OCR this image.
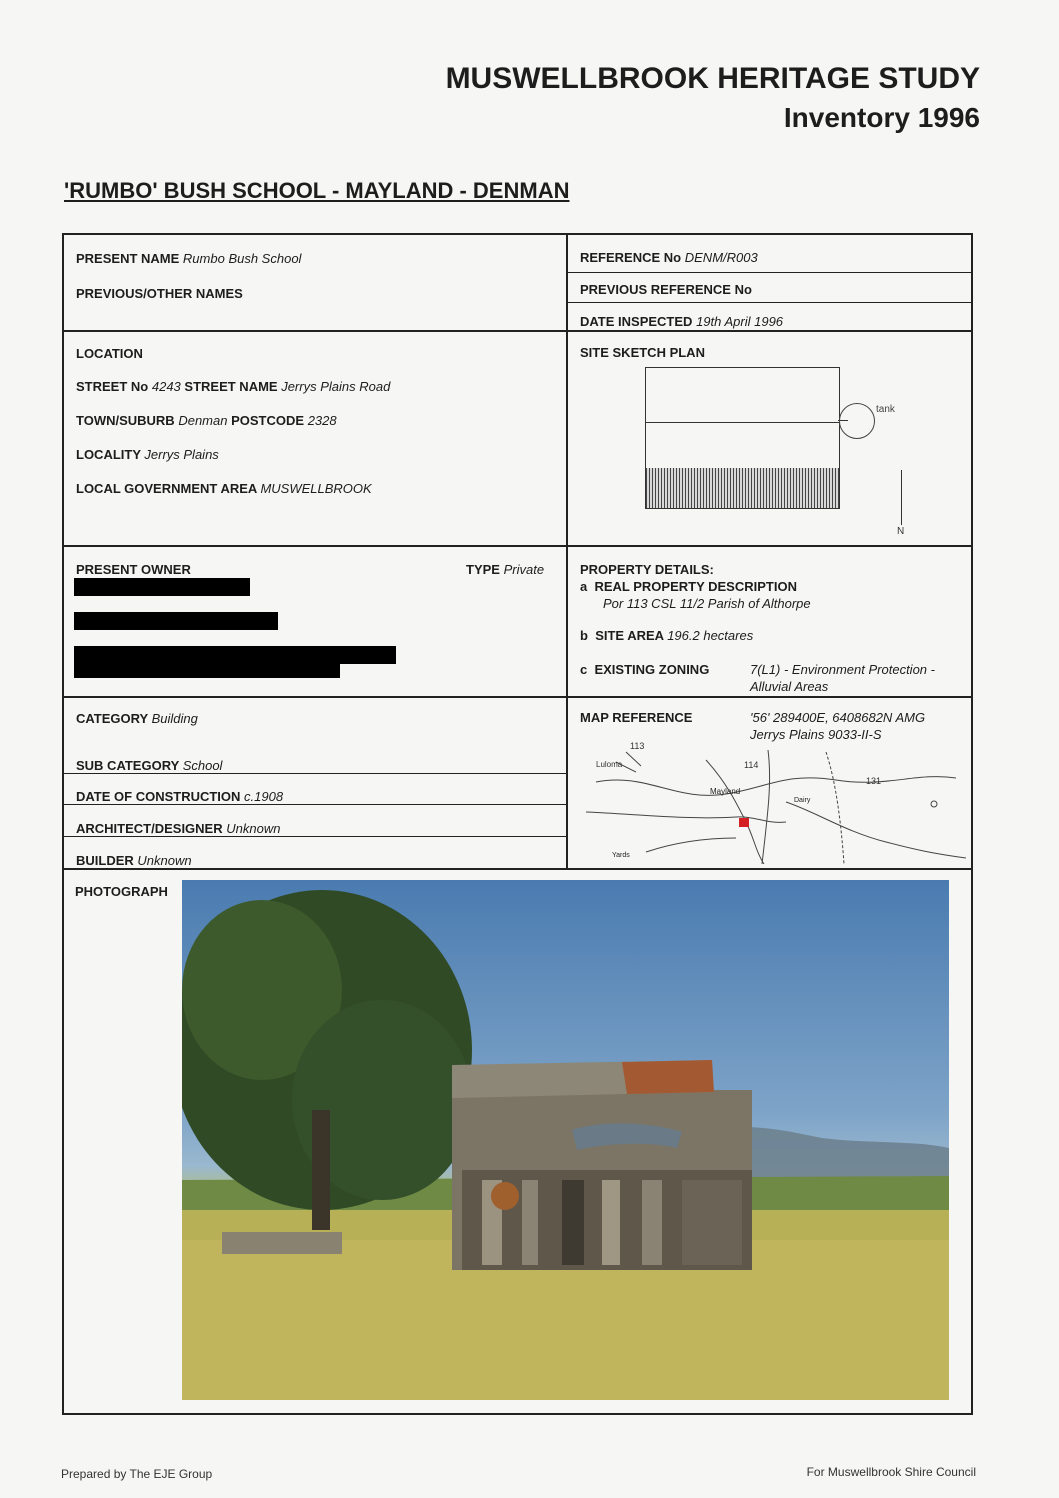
MUSWELLBROOK HERITAGE STUDY
Inventory 1996
'RUMBO' BUSH SCHOOL - MAYLAND - DENMAN
PRESENT NAME Rumbo Bush School
PREVIOUS/OTHER NAMES
REFERENCE No DENM/R003
PREVIOUS REFERENCE No
DATE INSPECTED 19th April 1996
LOCATION
STREET No 4243 STREET NAME Jerrys Plains Road
TOWN/SUBURB Denman POSTCODE 2328
LOCALITY Jerrys Plains
LOCAL GOVERNMENT AREA MUSWELLBROOK
SITE SKETCH PLAN
tank
N
PRESENT OWNER	TYPE Private	PROPERTY DETAILS:
a REAL PROPERTY DESCRIPTION
Por 113 CSL 11/2 Parish of Althorpe
b SITE AREA 196.2 hectares
c EXISTING ZONING	7(L1) - Environment Protection -
Alluvial Areas
CATEGORY Building
SUB CATEGORY School
DATE OF CONSTRUCTION c.1908
ARCHITECT/DESIGNER Unknown
BUILDER Unknown
MAP REFERENCE	'56' 289400E, 6408682N AMG
Jerrys Plains 9033-II-S
113
Luloma	114
131
Mayland
Dairy
Yards
PHOTOGRAPH
Prepared by The EJE Group	For Muswellbrook Shire Council
